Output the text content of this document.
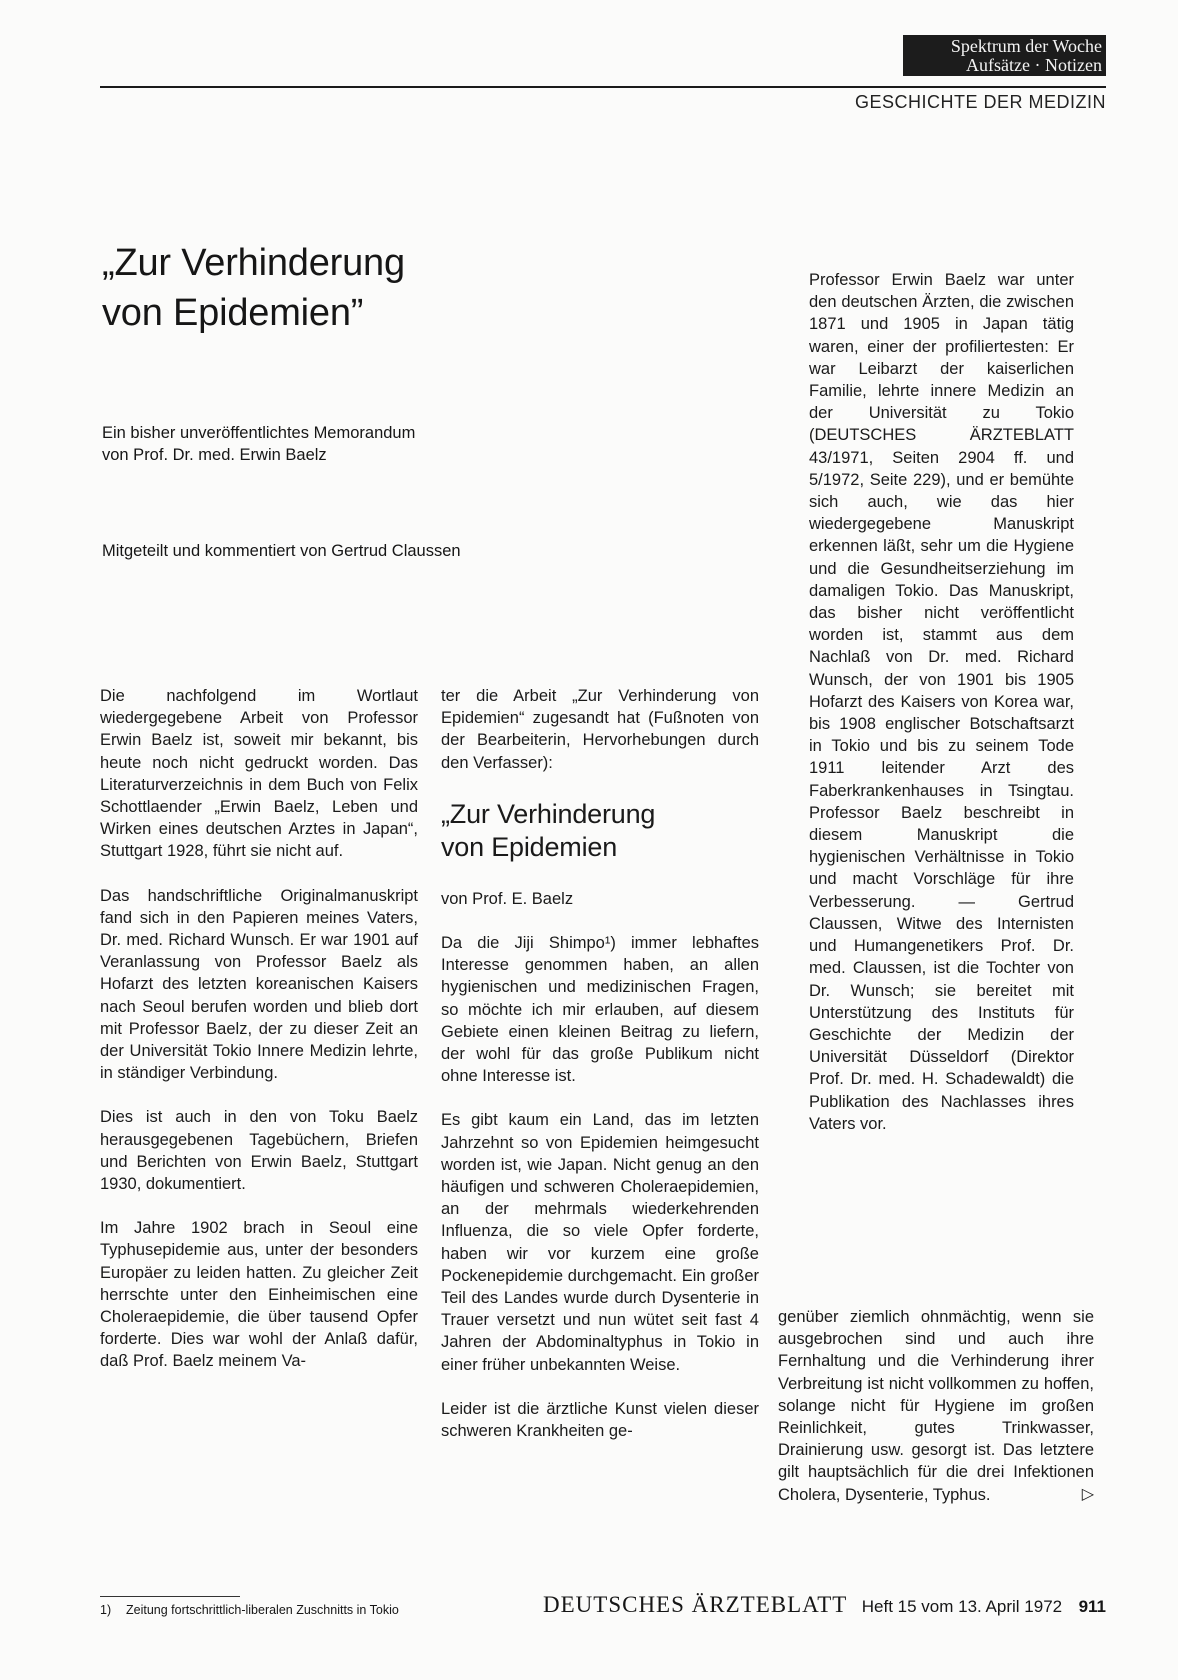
Spektrum der Woche
Aufsätze · Notizen
GESCHICHTE DER MEDIZIN
„Zur Verhinderung
von Epidemien”
Ein bisher unveröffentlichtes Memorandum
von Prof. Dr. med. Erwin Baelz
Mitgeteilt und kommentiert von Gertrud Claussen

Die nachfolgend im Wortlaut wiedergegebene Arbeit von Professor Erwin Baelz ist, soweit mir bekannt, bis heute noch nicht gedruckt worden. Das Literaturverzeichnis in dem Buch von Felix Schottlaender „Erwin Baelz, Leben und Wirken eines deutschen Arztes in Japan“, Stuttgart 1928, führt sie nicht auf.

Das handschriftliche Originalmanuskript fand sich in den Papieren meines Vaters, Dr. med. Richard Wunsch. Er war 1901 auf Veranlassung von Professor Baelz als Hofarzt des letzten koreanischen Kaisers nach Seoul berufen worden und blieb dort mit Professor Baelz, der zu dieser Zeit an der Universität Tokio Innere Medizin lehrte, in ständiger Verbindung.

Dies ist auch in den von Toku Baelz herausgegebenen Tagebüchern, Briefen und Berichten von Erwin Baelz, Stuttgart 1930, dokumentiert.

Im Jahre 1902 brach in Seoul eine Typhusepidemie aus, unter der besonders Europäer zu leiden hatten. Zu gleicher Zeit herrschte unter den Einheimischen eine Choleraepidemie, die über tausend Opfer forderte. Dies war wohl der Anlaß dafür, daß Prof. Baelz meinem Va-

ter die Arbeit „Zur Verhinderung von Epidemien“ zugesandt hat (Fußnoten von der Bearbeiterin, Hervorhebungen durch den Verfasser):

„Zur Verhinderung
von Epidemien

von Prof. E. Baelz

Da die Jiji Shimpo¹) immer lebhaftes Interesse genommen haben, an allen hygienischen und medizinischen Fragen, so möchte ich mir erlauben, auf diesem Gebiete einen kleinen Beitrag zu liefern, der wohl für das große Publikum nicht ohne Interesse ist.

Es gibt kaum ein Land, das im letzten Jahrzehnt so von Epidemien heimgesucht worden ist, wie Japan. Nicht genug an den häufigen und schweren Choleraepidemien, an der mehrmals wiederkehrenden Influenza, die so viele Opfer forderte, haben wir vor kurzem eine große Pockenepidemie durchgemacht. Ein großer Teil des Landes wurde durch Dysenterie in Trauer versetzt und nun wütet seit fast 4 Jahren der Abdominaltyphus in Tokio in einer früher unbekannten Weise.

Leider ist die ärztliche Kunst vielen dieser schweren Krankheiten ge-

Professor Erwin Baelz war unter den deutschen Ärzten, die zwischen 1871 und 1905 in Japan tätig waren, einer der profiliertesten: Er war Leibarzt der kaiserlichen Familie, lehrte innere Medizin an der Universität zu Tokio (DEUTSCHES ÄRZTEBLATT 43/1971, Seiten 2904 ff. und 5/1972, Seite 229), und er bemühte sich auch, wie das hier wiedergegebene Manuskript erkennen läßt, sehr um die Hygiene und die Gesundheitserziehung im damaligen Tokio. Das Manuskript, das bisher nicht veröffentlicht worden ist, stammt aus dem Nachlaß von Dr. med. Richard Wunsch, der von 1901 bis 1905 Hofarzt des Kaisers von Korea war, bis 1908 englischer Botschaftsarzt in Tokio und bis zu seinem Tode 1911 leitender Arzt des Faberkrankenhauses in Tsingtau. Professor Baelz beschreibt in diesem Manuskript die hygienischen Verhältnisse in Tokio und macht Vorschläge für ihre Verbesserung. — Gertrud Claussen, Witwe des Internisten und Humangenetikers Prof. Dr. med. Claussen, ist die Tochter von Dr. Wunsch; sie bereitet mit Unterstützung des Instituts für Geschichte der Medizin der Universität Düsseldorf (Direktor Prof. Dr. med. H. Schadewaldt) die Publikation des Nachlasses ihres Vaters vor.

genüber ziemlich ohnmächtig, wenn sie ausgebrochen sind und auch ihre Fernhaltung und die Verhinderung ihrer Verbreitung ist nicht vollkommen zu hoffen, solange nicht für Hygiene im großen Reinlichkeit, gutes Trinkwasser, Drainierung usw. gesorgt ist. Das letztere gilt hauptsächlich für die drei Infektionen Cholera, Dysenterie, Typhus.	▷

1) Zeitung fortschrittlich-liberalen Zuschnitts in Tokio	DEUTSCHES ÄRZTEBLATT Heft 15 vom 13. April 1972 911
